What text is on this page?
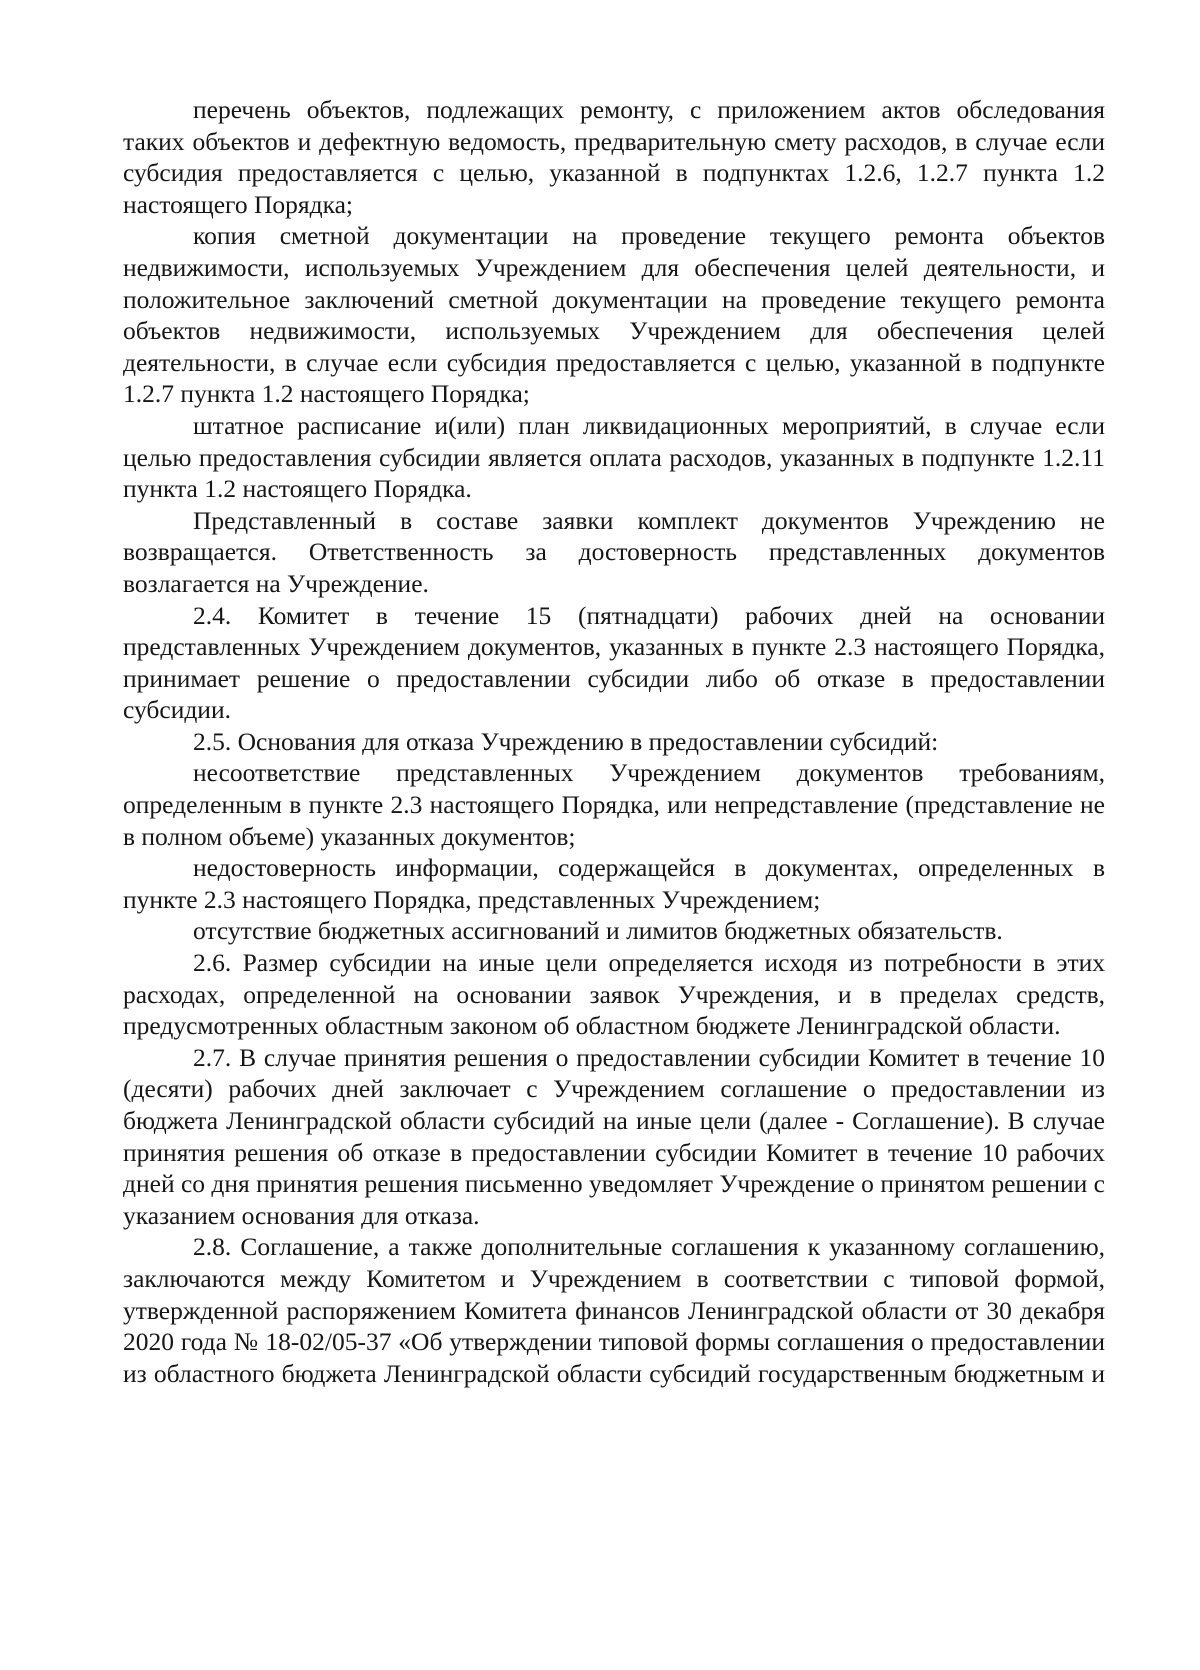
перечень объектов, подлежащих ремонту, с приложением актов обследования таких объектов и дефектную ведомость, предварительную смету расходов, в случае если субсидия предоставляется с целью, указанной в подпунктах 1.2.6, 1.2.7 пункта 1.2 настоящего Порядка;

копия сметной документации на проведение текущего ремонта объектов недвижимости, используемых Учреждением для обеспечения целей деятельности, и положительное заключений сметной документации на проведение текущего ремонта объектов недвижимости, используемых Учреждением для обеспечения целей деятельности, в случае если субсидия предоставляется с целью, указанной в подпункте 1.2.7 пункта 1.2 настоящего Порядка;

штатное расписание и(или) план ликвидационных мероприятий, в случае если целью предоставления субсидии является оплата расходов, указанных в подпункте 1.2.11 пункта 1.2 настоящего Порядка.

Представленный в составе заявки комплект документов Учреждению не возвращается. Ответственность за достоверность представленных документов возлагается на Учреждение.

2.4. Комитет в течение 15 (пятнадцати) рабочих дней на основании представленных Учреждением документов, указанных в пункте 2.3 настоящего Порядка, принимает решение о предоставлении субсидии либо об отказе в предоставлении субсидии.

2.5. Основания для отказа Учреждению в предоставлении субсидий:

несоответствие представленных Учреждением документов требованиям, определенным в пункте 2.3 настоящего Порядка, или непредставление (представление не в полном объеме) указанных документов;

недостоверность информации, содержащейся в документах, определенных в пункте 2.3 настоящего Порядка, представленных Учреждением;

отсутствие бюджетных ассигнований и лимитов бюджетных обязательств.

2.6. Размер субсидии на иные цели определяется исходя из потребности в этих расходах, определенной на основании заявок Учреждения, и в пределах средств, предусмотренных областным законом об областном бюджете Ленинградской области.

2.7. В случае принятия решения о предоставлении субсидии Комитет в течение 10 (десяти) рабочих дней заключает с Учреждением соглашение о предоставлении из бюджета Ленинградской области субсидий на иные цели (далее - Соглашение). В случае принятия решения об отказе в предоставлении субсидии Комитет в течение 10 рабочих дней со дня принятия решения письменно уведомляет Учреждение о принятом решении с указанием основания для отказа.

2.8. Соглашение, а также дополнительные соглашения к указанному соглашению, заключаются между Комитетом и Учреждением в соответствии с типовой формой, утвержденной распоряжением Комитета финансов Ленинградской области от 30 декабря 2020 года № 18-02/05-37 «Об утверждении типовой формы соглашения о предоставлении из областного бюджета Ленинградской области субсидий государственным бюджетным и
